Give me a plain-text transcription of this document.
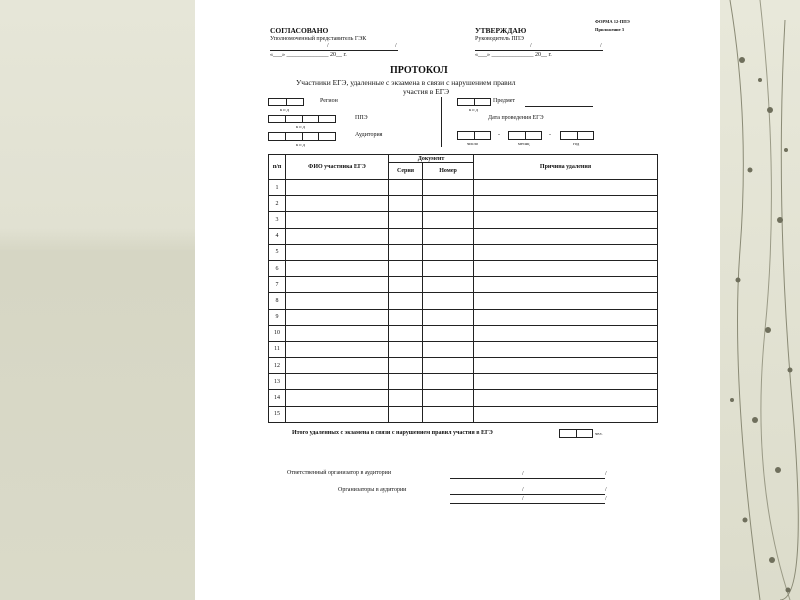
ФОРМА 12-ППЭ
Приложение 3
СОГЛАСОВАНО
Уполномоченный представитель ГЭК
/	/
«___» ______________ 20__ г.
УТВЕРЖДАЮ
Руководитель ППЭ
/	/
«___» ______________ 20__ г.
ПРОТОКОЛ
Участники ЕГЭ, удаленные с экзамена в связи с нарушением правил
участия в ЕГЭ
к о д
Регион
к о д
ППЭ
к о д
Аудитория
к о д
Предмет
Дата проведения ЕГЭ
-	-
число	месяц	год
п/п	ФИО участника ЕГЭ	Документ		Причина удаления
		Серия	Номер	
1				
2				
3				
4				
5				
6				
7				
8				
9				
10				
11				
12				
13				
14				
15				
Итого удаленных с экзамена в связи с нарушением правил участия в ЕГЭ	чел.
Ответственный организатор в аудитории	/	/
Организаторы в аудитории	/	/
/	/
